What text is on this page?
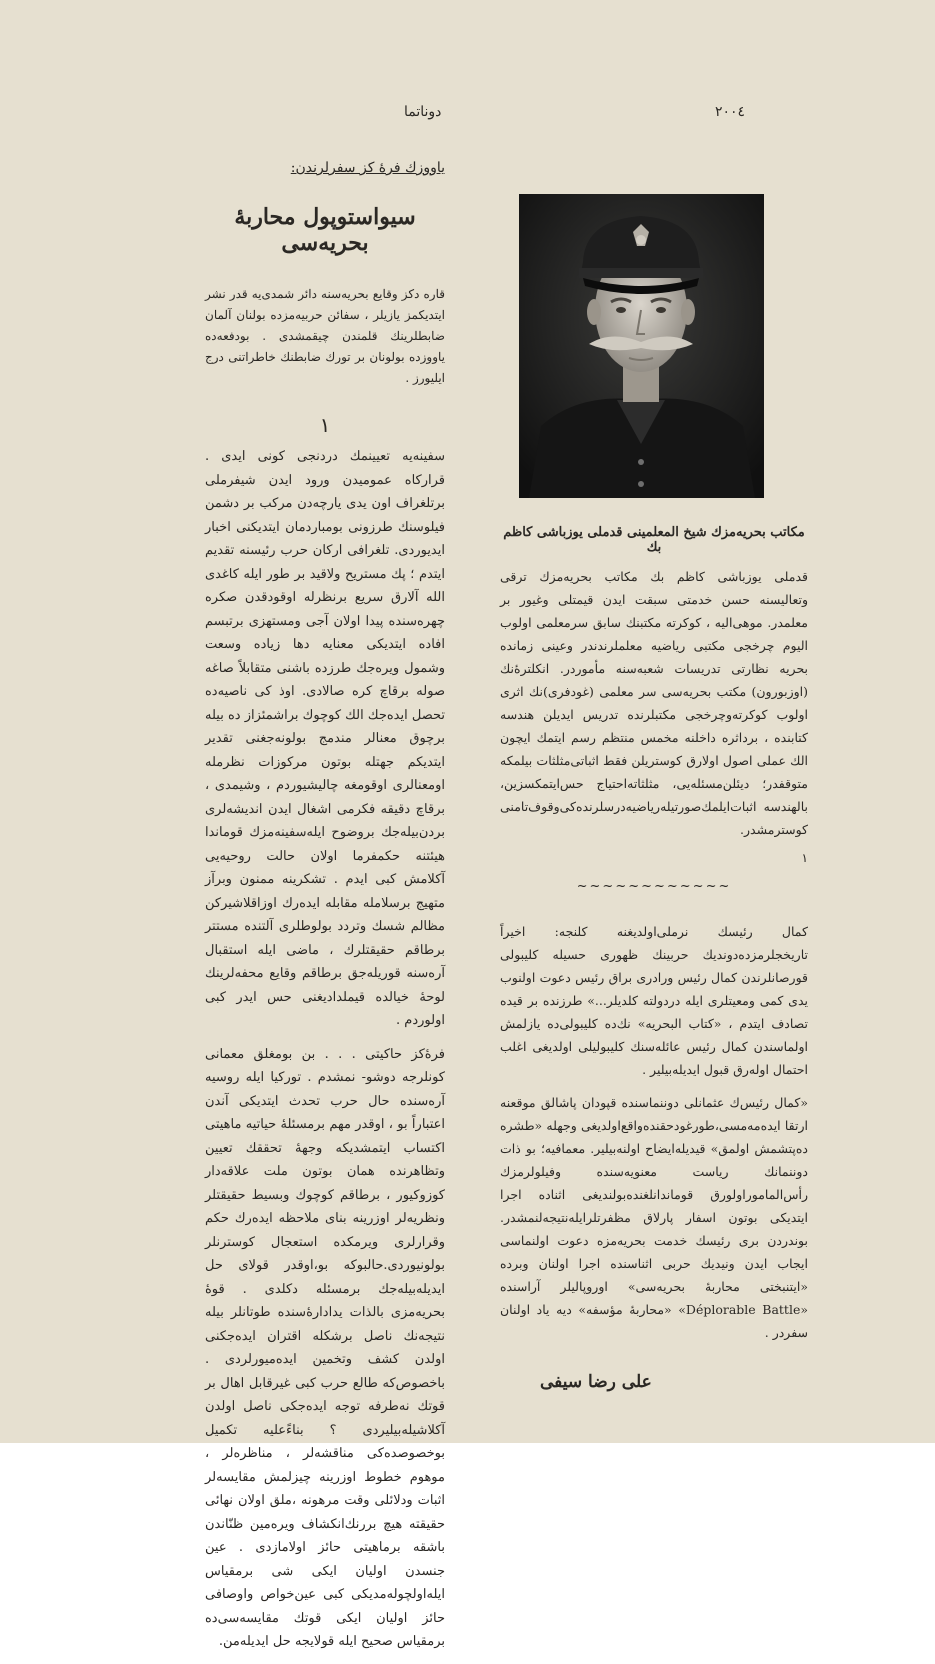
۲۰۰٤
دوناتما
یاووزك فرهٔ کز سفرلرندن:
سیواستوپول محاربهٔ بحریه‌سی
قاره دکز وقایع بحریه‌سنه دائر شمدی‌یه قدر نشر ایتدیکمز یازیلر ، سفائن حربیه‌مزده بولنان آلمان ضابطلرینك قلمندن چیقمشدی . بودفعه‌ده یاووزده بولونان بر تورك ضابطنك خاطراتنی درج ایلیورز .
۱
سفینه‌یه تعیینمك دردنجی کونی ایدی . قرارکاه عمومیدن ورود ایدن شیفرملی برتلغراف اون یدی یارچه‌دن مرکب بر دشمن فیلوسنك طرزونی بومباردمان ایتدیکنی اخبار ایدیوردی. تلغرافی ارکان حرب رئیسنه تقدیم ایتدم ؛ پك مستریح ولاقید بر طور ایله کاغدی الله آلارق سریع برنظرله اوقودقدن صکره چهره‌سنده پیدا اولان آجی ومستهزی برتبسم افاده ایتدیکی معنایه دها زیاده وسعت وشمول ویره‌جك طرزده باشنی متقابلاً صاغه صوله برقاچ کره صالادی. اوذ کی ناصیه‌ده تحصل ایده‌جك الك کوچوك براشمئزاز ده بیله برچوق معنالر مندمج بولونه‌جغنی تقدیر ایتدیکم جهتله بوتون مرکوزات نظرمله اومعنالری اوقومغه چالیشیوردم ، وشیمدی ، برقاچ دقیقه فکرمی اشغال ایدن اندیشه‌لری بردن‌بیله‌جك بروضوح ایله‌سفینه‌مزك قوماندا هیئتنه حکمفرما اولان حالت روحیه‌یی آکلامش کبی ایدم . تشکرینه ممنون وبرآز متهیج برسلامله مقابله ایده‌رك اوزاقلاشیرکن مظالم شسك وتردد بولوطلری آلتنده مستتر برطاقم حقیقتلرك ، ماضی ایله استقبال آره‌سنه قوریله‌جق برطاقم وقایع محفه‌لرینك لوحهٔ خیالده قیملدادیغنی حس ایدر کبی اولوردم .
فرهٔ‌کز حاکیتی . . . بن بومغلق معمانی کونلرجه دوشو- نمشدم . تورکیا ایله روسیه آره‌سنده حال حرب تحدث ایتدیکی آندن اعتباراً بو ، اوقدر مهم برمسئلهٔ حیاتیه ماهیتی اکتساب ایتمشدیکه وجههٔ تحققك تعیین وتظاهرنده همان بوتون ملت علاقه‌دار کوزوکیور ، برطاقم کوچوك وبسیط حقیقتلر ونظریه‌لر اوزرینه بنای ملاحظه ایده‌رك حکم وقرارلری ویرمکده استعجال کوسترنلر بولونیوردی.حالبوکه بو،اوقدر قولای حل ایدیله‌بیله‌جك برمسئله دکلدی . قوهٔ بحریه‌مزی بالذات یدادارهٔ‌سنده طوتانلر بیله نتیجه‌نك ناصل برشکله اقتران ایده‌جکنی اولدن کشف وتخمین ایده‌میورلردی . باخصوص‌که طالع حرب کبی غیرقابل اهال بر قوتك نه‌طرفه توجه ایده‌جکی ناصل اولدن آکلاشیله‌بیلیردی ؟ بناءً‌علیه تکمیل بوخصوصده‌کی مناقشه‌لر ، مناظره‌لر ، موهوم خطوط اوزرینه چیزلمش مقایسه‌لر اثبات ودلائلی وقت مرهونه ،ملق اولان نهائی حقیقته هیچ بررنك‌انکشاف ویره‌مین ظنّاندن باشقه برماهیتی حائز اولامازدی . عین جنسدن اولیان ایکی شی برمقیاس ایله‌اولچوله‌مدیکی کبی عین‌خواص واوصافی حائز اولیان ایکی قوتك مقایسه‌سی‌ده برمقیاس صحیح ایله قولایجه حل ایدیله‌من.
مکاتب بحریه‌مزك شیخ المعلمینی قدملی یوزباشی کاظم بك
قدملی یوزباشی کاظم بك مکاتب بحریه‌مزك ترقی وتعالیسنه حسن خدمتی سبقت ایدن قیمتلی وغیور بر معلمدر. موهی‌الیه ، کوکرته مکتبنك سابق سرمعلمی اولوب الیوم چرخجی مکتبی ریاضیه معلملرندندر وعینی زمانده بحریه نظارتی تدریسات شعبه‌سنه مأموردر. انکلترهٔ‌نك (اوزبورون) مکتب بحریه‌سی سر معلمی (غودفری)‌نك اثری اولوب کوکرته‌وچرخجی مکتبلرنده تدریس ایدیلن هندسه کتابنده ، برداثره داخلنه مخمس منتظم رسم ایتمك ایچون الك عملی اصول اولارق کوستریلن فقط اثباتی‌مثلثات‌ بیلمکه متوقفدر؛ دیئلن‌مسئله‌یی، مثلثاته‌احتیاج حس‌ایتمکسزین، بالهندسه اثبات‌ایلمك‌صورتیله‌ریاضیه‌درسلرنده‌کی‌وقوف‌تامنی کوسترمشدر.
۱
~~~~~~~~~~~~
کمال رئیسك نرملی‌اولدیغنه کلنجه: اخیراً تاریخجلرمزده‌دوندیك حربینك ظهوری حسیله کلیبولی قورصانلرندن کمال رئیس ورادری براق رئیس دعوت اولنوب یدی کمی ومعیتلری ایله دردولته کلدیلر...» طرزنده بر قیده تصادف ایتدم ، «کتاب البحریه» نك‌ده کلیبولی‌ده یازلمش اولماسندن کمال رئیس عائله‌سنك کلیبولیلی اولدیغی اغلب احتمال اوله‌رق قبول ایدیله‌بیلیر .
«کمال رئیس‌ك عثمانلی دوننماسنده قپودان پاشالق موقعنه ارتقا ایده‌مه‌مسی،طورغودحقنده‌واقع‌اولدیغی وجهله «طشره ده‌پتشمش اولمق» قیدیله‌ایضاح اولنه‌بیلیر. معمافیه؛ بو ذات دوننمانك ریاست معنویه‌سنده وفیلولرمزك رأس‌الماموراولورق قوماندانلغنده‌بولندیغی اثناده اجرا ایتدیکی بوتون اسفار پارلاق مظفرتلرایله‌نتیجه‌لنمشدر. بوندردن بری رئیسك خدمت بحریه‌مزه دعوت اولنماسی ایجاب ایدن ونیدیك حربی اثناسنده اجرا اولنان وبرده «ایتنبختی محاربهٔ بحریه‌سی» اوروپالیلر آراسنده «Déplorable Battle» «محاربهٔ مؤسفه» دیه یاد اولنان سفردر .
علی رضا سیفی
